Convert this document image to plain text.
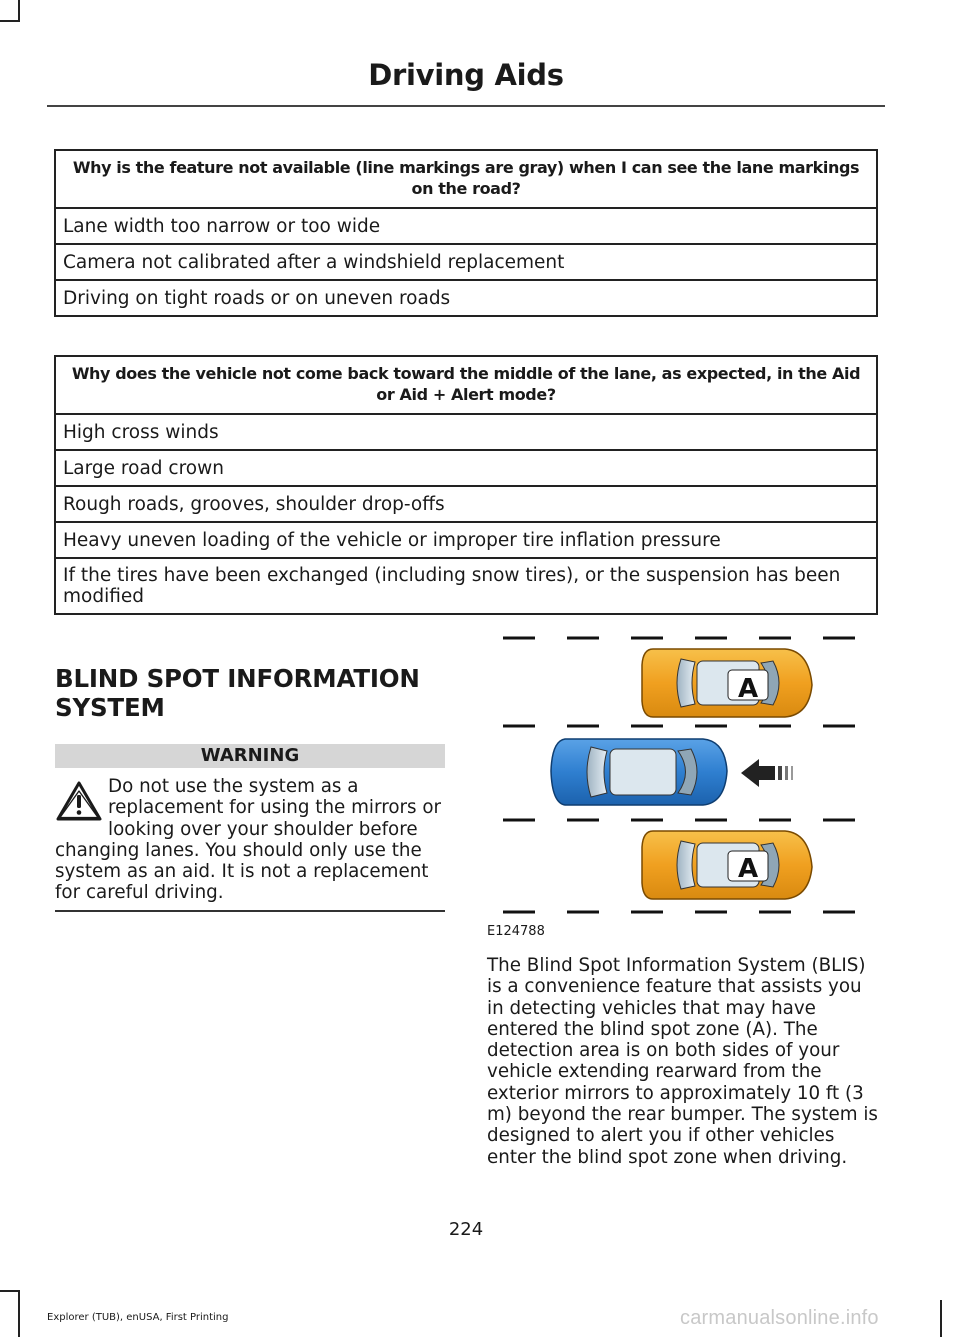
Driving Aids
Why is the feature not available (line markings are gray) when I can see the lane markings on the road?
Lane width too narrow or too wide
Camera not calibrated after a windshield replacement
Driving on tight roads or on uneven roads
Why does the vehicle not come back toward the middle of the lane, as expected, in the Aid or Aid + Alert mode?
High cross winds
Large road crown
Rough roads, grooves, shoulder drop-offs
Heavy uneven loading of the vehicle or improper tire inflation pressure
If the tires have been exchanged (including snow tires), or the suspension has been modified
BLIND SPOT INFORMATION
SYSTEM
WARNING
Do not use the system as a replacement for using the mirrors or looking over your shoulder before changing lanes. You should only use the system as an aid. It is not a replacement for careful driving.
A
A
E124788
The Blind Spot Information System (BLIS) is a convenience feature that assists you in detecting vehicles that may have entered the blind spot zone (A). The detection area is on both sides of your vehicle extending rearward from the exterior mirrors to approximately 10 ft (3 m) beyond the rear bumper. The system is designed to alert you if other vehicles enter the blind spot zone when driving.
224
Explorer (TUB), enUSA, First Printing	carmanualsonline.info
